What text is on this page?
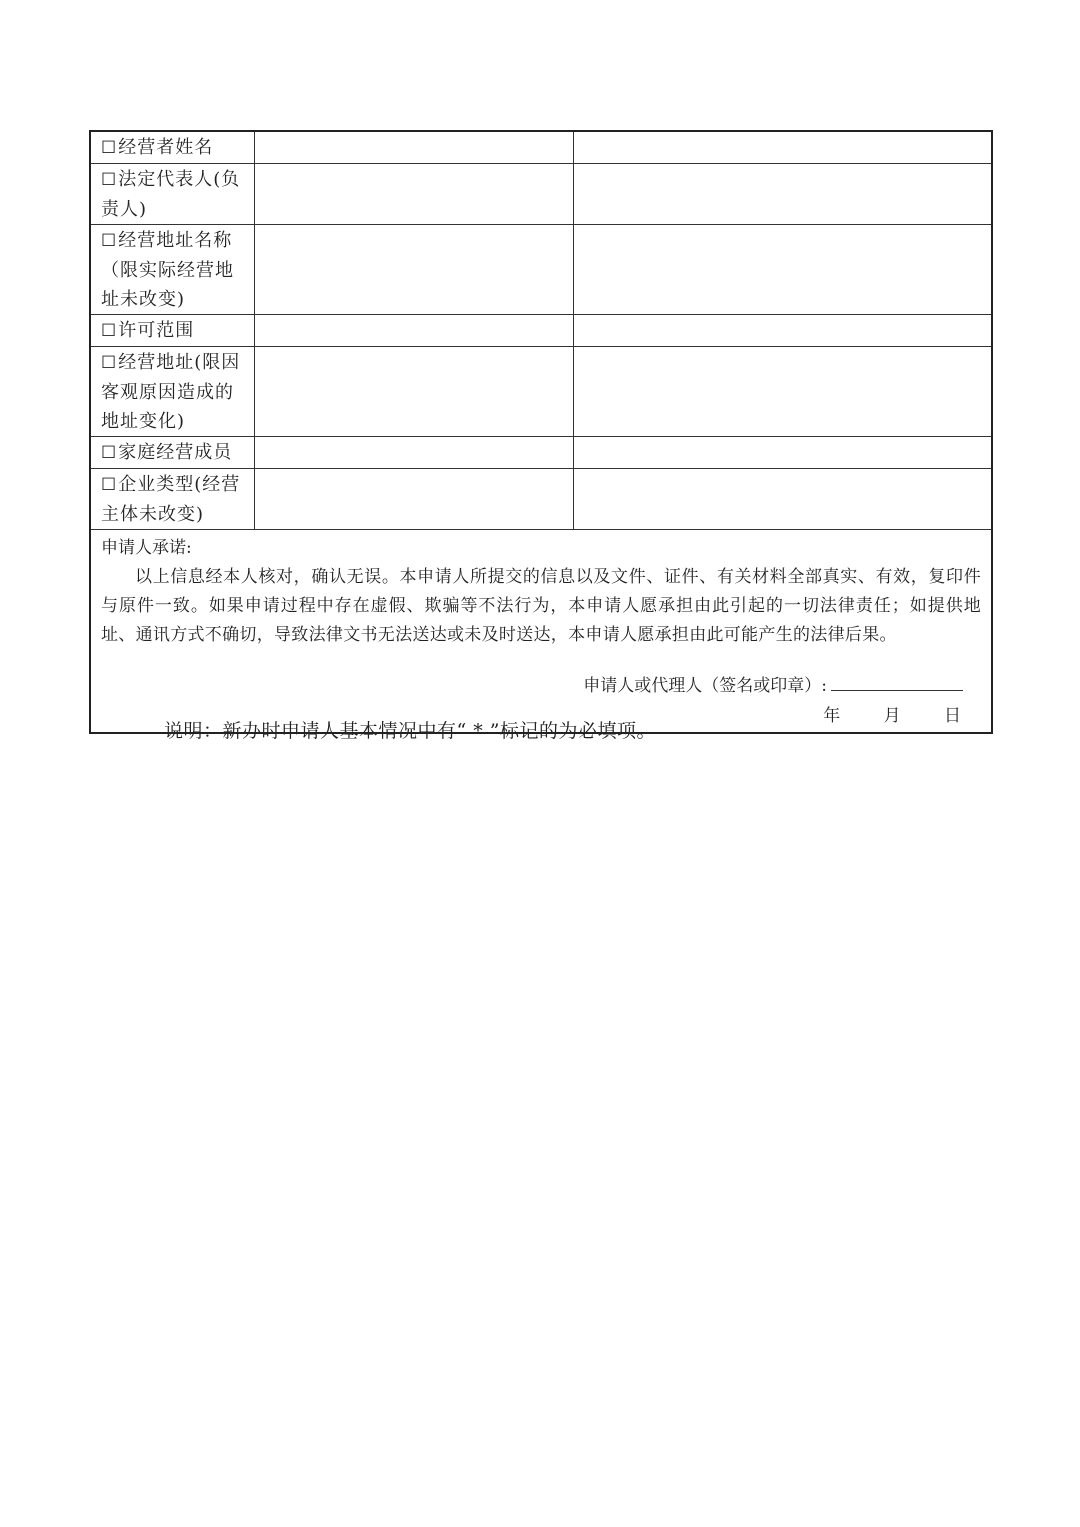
☐经营者姓名		
☐法定代表人(负责人)		
☐经营地址名称（限实际经营地址未改变)		
☐许可范围		
☐经营地址(限因客观原因造成的地址变化)		
☐家庭经营成员		
☐企业类型(经营主体未改变)		

申请人承诺:
以上信息经本人核对，确认无误。本申请人所提交的信息以及文件、证件、有关材料全部真实、有效，复印件与原件一致。如果申请过程中存在虚假、欺骗等不法行为，本申请人愿承担由此引起的一切法律责任；如提供地址、通讯方式不确切，导致法律文书无法送达或未及时送达，本申请人愿承担由此可能产生的法律后果。
申请人或代理人（签名或印章）:
年 月 日		
说明：新办时申请人基本情况中有“ * ”标记的为必填项。
